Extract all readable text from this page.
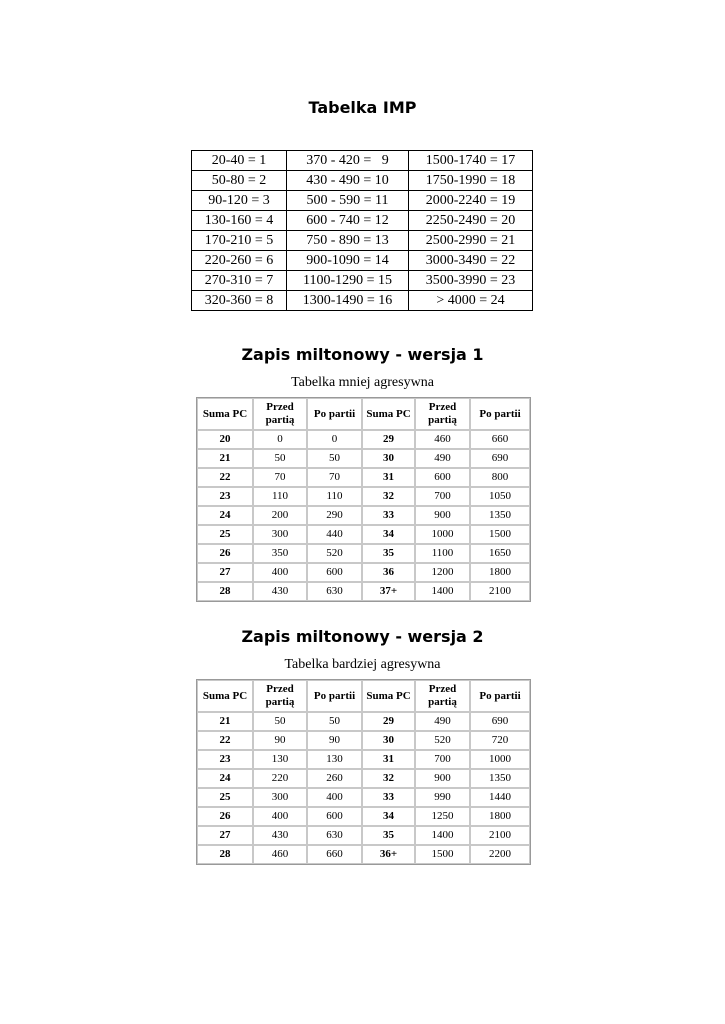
Tabelka IMP
20-40 = 1	370 - 420 =   9	1500-1740 = 17
50-80 = 2	430 - 490 = 10	1750-1990 = 18
90-120 = 3	500 - 590 = 11	2000-2240 = 19
130-160 = 4	600 - 740 = 12	2250-2490 = 20
170-210 = 5	750 - 890 = 13	2500-2990 = 21
220-260 = 6	900-1090 = 14	3000-3490 = 22
270-310 = 7	1100-1290 = 15	3500-3990 = 23
320-360 = 8	1300-1490 = 16	> 4000 = 24
Zapis miltonowy - wersja 1

Tabelka mniej agresywna

Suma PC	Przed partią	Po partii	Suma PC	Przed partią	Po partii
20	0	0	29	460	660
21	50	50	30	490	690
22	70	70	31	600	800
23	110	110	32	700	1050
24	200	290	33	900	1350
25	300	440	34	1000	1500
26	350	520	35	1100	1650
27	400	600	36	1200	1800
28	430	630	37+	1400	2100
Zapis miltonowy - wersja 2

Tabelka bardziej agresywna

Suma PC	Przed partią	Po partii	Suma PC	Przed partią	Po partii
21	50	50	29	490	690
22	90	90	30	520	720
23	130	130	31	700	1000
24	220	260	32	900	1350
25	300	400	33	990	1440
26	400	600	34	1250	1800
27	430	630	35	1400	2100
28	460	660	36+	1500	2200
